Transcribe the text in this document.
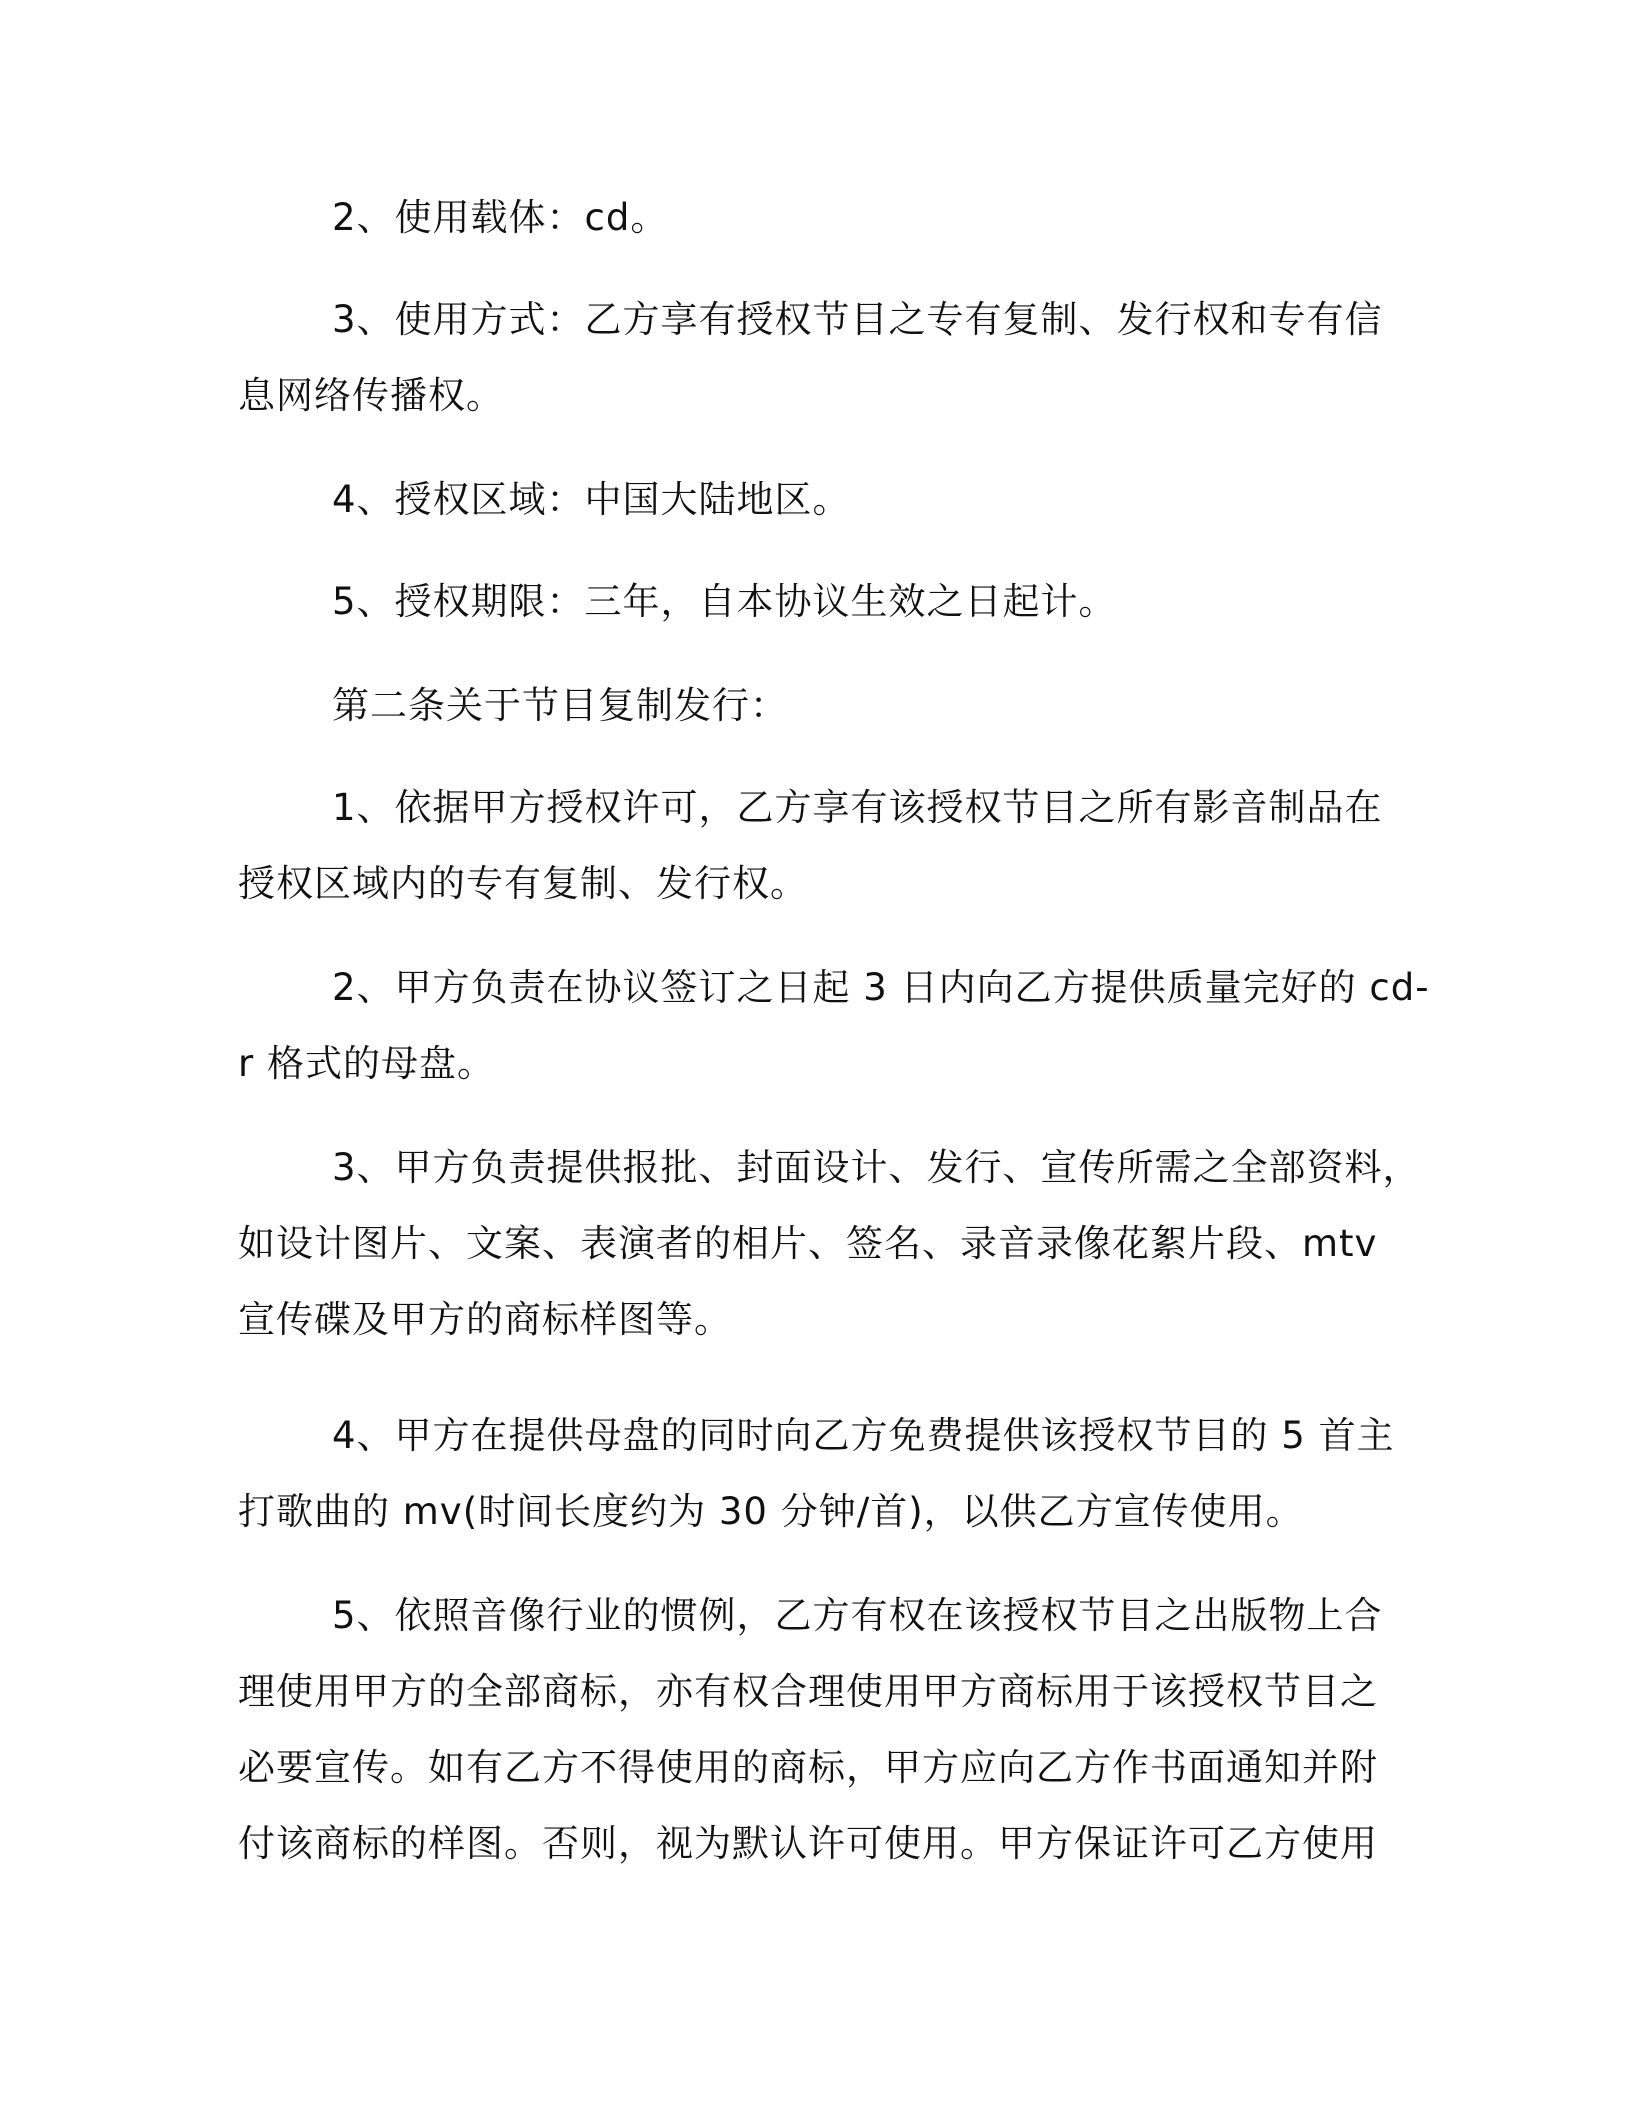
2、使用载体：cd。

3、使用方式：乙方享有授权节目之专有复制、发行权和专有信
息网络传播权。

4、授权区域：中国大陆地区。

5、授权期限：三年，自本协议生效之日起计。

第二条关于节目复制发行：

1、依据甲方授权许可，乙方享有该授权节目之所有影音制品在
授权区域内的专有复制、发行权。

2、甲方负责在协议签订之日起 3 日内向乙方提供质量完好的 cd-
r 格式的母盘。

3、甲方负责提供报批、封面设计、发行、宣传所需之全部资料，
如设计图片、文案、表演者的相片、签名、录音录像花絮片段、mtv
宣传碟及甲方的商标样图等。

4、甲方在提供母盘的同时向乙方免费提供该授权节目的 5 首主
打歌曲的 mv(时间长度约为 30 分钟/首)，以供乙方宣传使用。

5、依照音像行业的惯例，乙方有权在该授权节目之出版物上合
理使用甲方的全部商标，亦有权合理使用甲方商标用于该授权节目之
必要宣传。如有乙方不得使用的商标，甲方应向乙方作书面通知并附
付该商标的样图。否则，视为默认许可使用。甲方保证许可乙方使用
